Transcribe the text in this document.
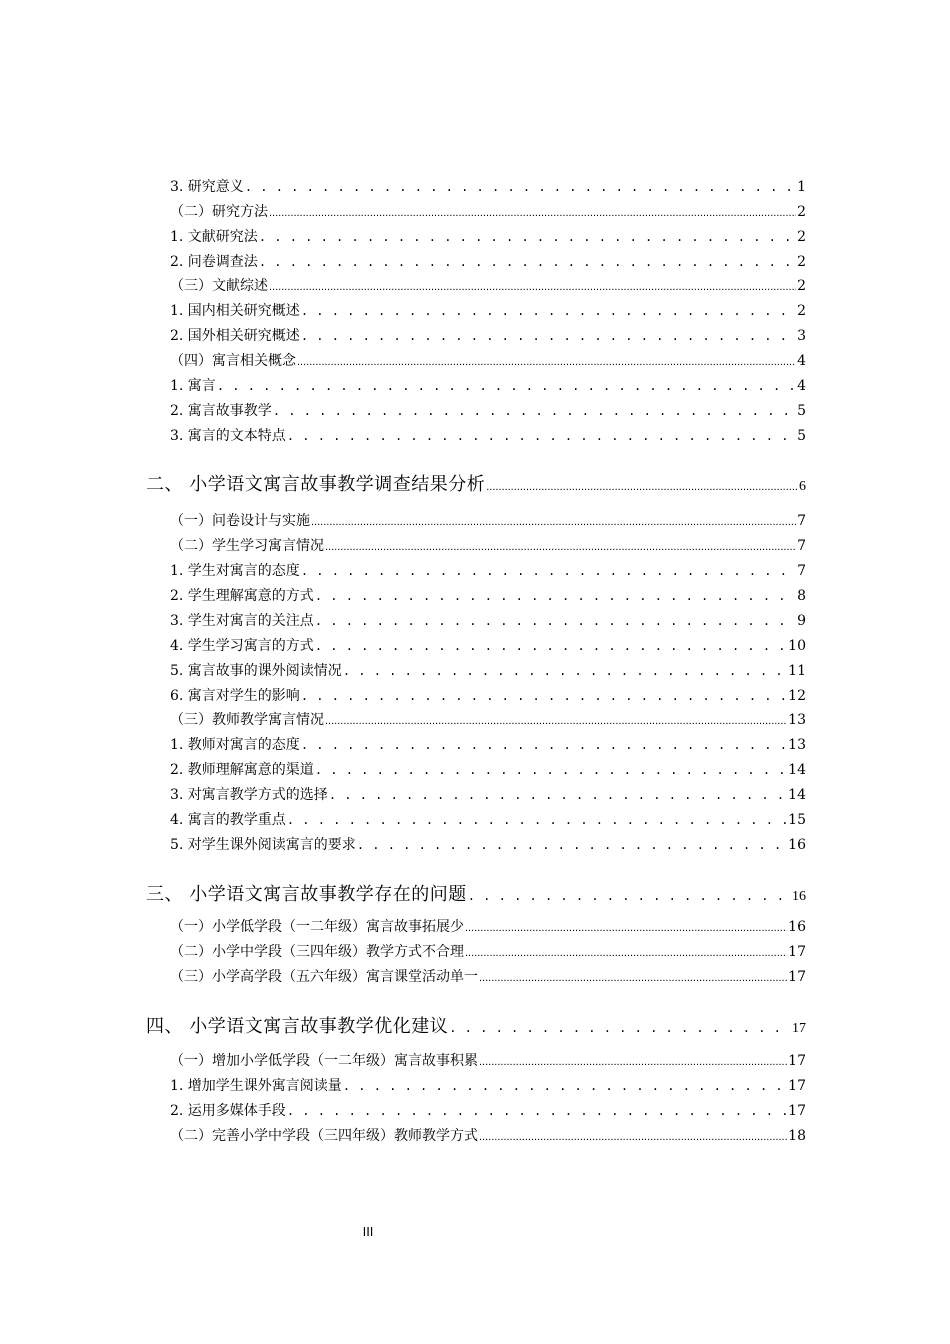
3. 研究意义 . . .	1
（二）研究方法 .....	2
1. 文献研究法 . . .	2
2. 问卷调查法 . . .	2
（三）文献综述 .....	2
1. 国内相关研究概述 . . .	2
2. 国外相关研究概述 . . .	3
（四）寓言相关概念 .....	4
1. 寓言 . . .	4
2. 寓言故事教学 . . .	5
3. 寓言的文本特点 . . .	5
二、 小学语文寓言故事教学调查结果分析 .....	6
（一）问卷设计与实施 .....	7
（二）学生学习寓言情况 .....	7
1. 学生对寓言的态度 . . .	7
2. 学生理解寓意的方式 . . .	8
3. 学生对寓言的关注点 . . .	9
4. 学生学习寓言的方式 . . .	10
5. 寓言故事的课外阅读情况 . . .	11
6. 寓言对学生的影响 . . .	12
（三）教师教学寓言情况 .....	13
1. 教师对寓言的态度 . . .	13
2. 教师理解寓意的渠道 . . .	14
3. 对寓言教学方式的选择 . . .	14
4. 寓言的教学重点 . . .	15
5. 对学生课外阅读寓言的要求 . . .	16
三、 小学语文寓言故事教学存在的问题 . . .	16
（一）小学低学段（一二年级）寓言故事拓展少 .....	16
（二）小学中学段（三四年级）教学方式不合理 .....	17
（三）小学高学段（五六年级）寓言课堂活动单一 .....	17
四、 小学语文寓言故事教学优化建议 . . .	17
（一）增加小学低学段（一二年级）寓言故事积累 .....	17
1. 增加学生课外寓言阅读量 . . .	17
2. 运用多媒体手段 . . .	17
（二）完善小学中学段（三四年级）教师教学方式 .....	18
III
